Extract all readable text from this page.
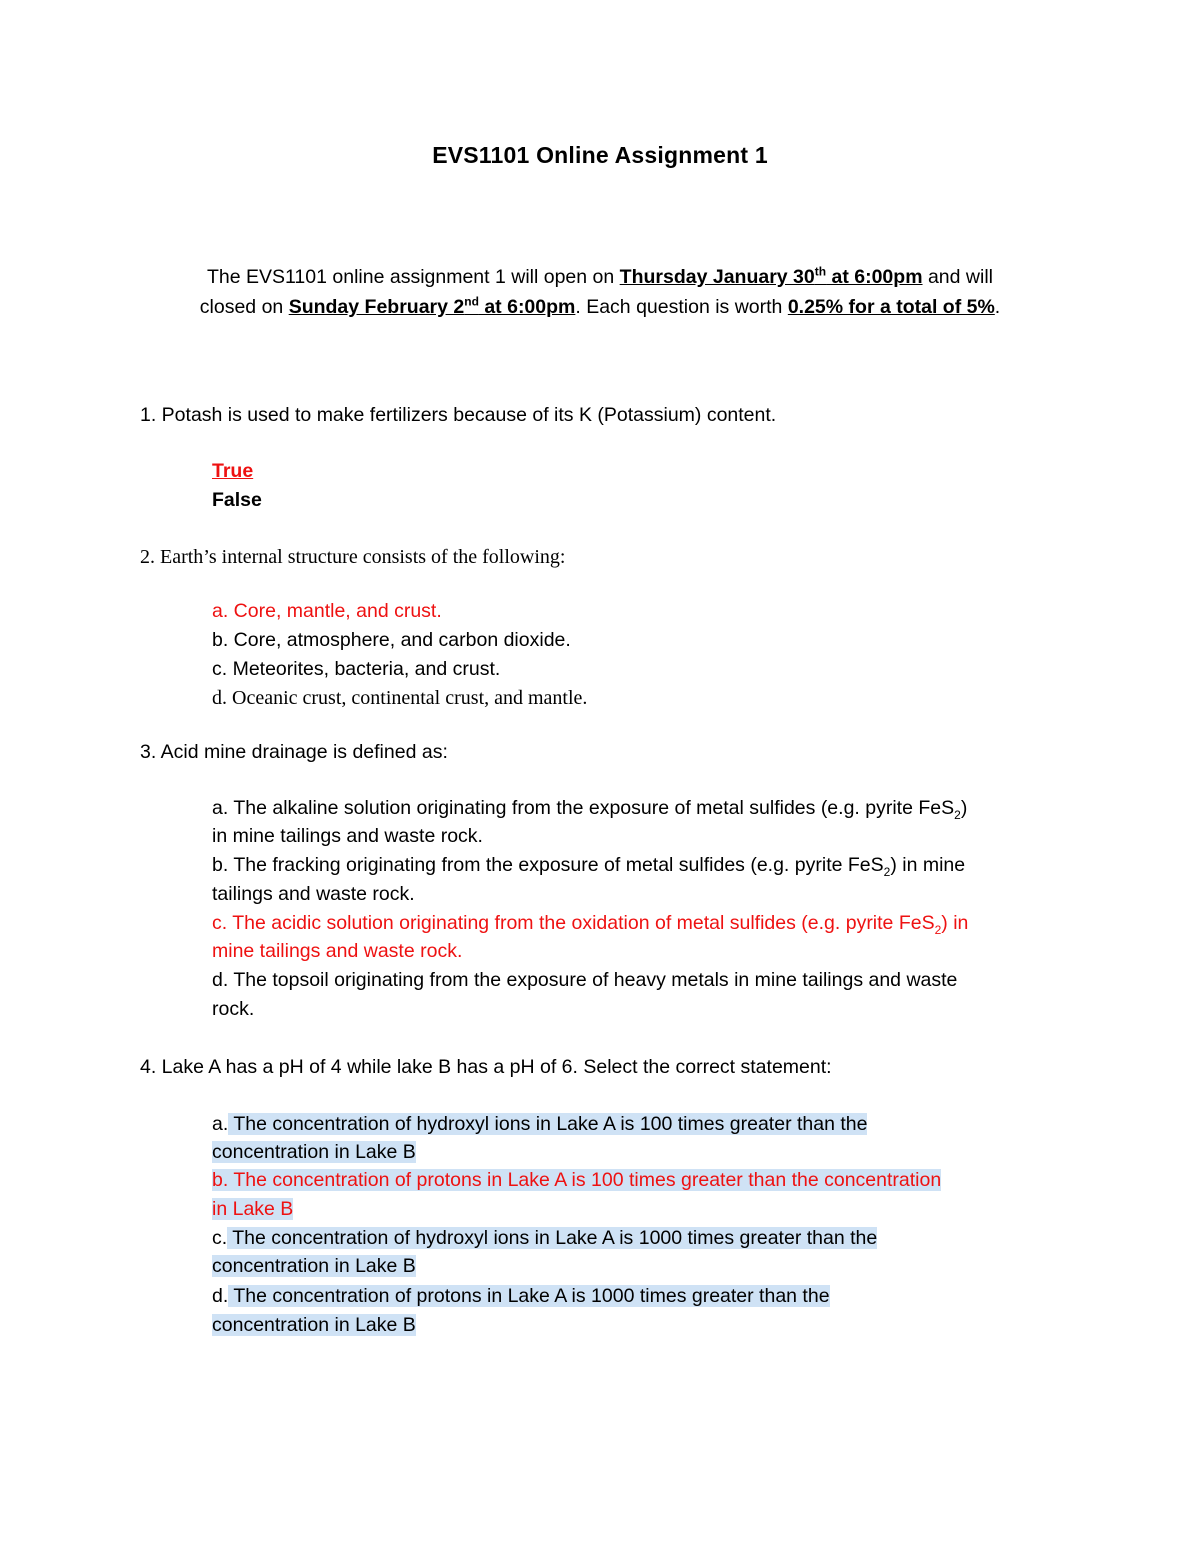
EVS1101 Online Assignment 1
The EVS1101 online assignment 1 will open on Thursday January 30th at 6:00pm and will
closed on Sunday February 2nd at 6:00pm. Each question is worth 0.25% for a total of 5%.
1. Potash is used to make fertilizers because of its K (Potassium) content.
True
False
2. Earth’s internal structure consists of the following:
a. Core, mantle, and crust.
b. Core, atmosphere, and carbon dioxide.
c. Meteorites, bacteria, and crust.
d. Oceanic crust, continental crust, and mantle.
3. Acid mine drainage is defined as:
a. The alkaline solution originating from the exposure of metal sulfides (e.g. pyrite FeS$_2$)
in mine tailings and waste rock.
b. The fracking originating from the exposure of metal sulfides (e.g. pyrite FeS$_2$) in mine
tailings and waste rock.
c. The acidic solution originating from the oxidation of metal sulfides (e.g. pyrite FeS$_2$) in
mine tailings and waste rock.
d. The topsoil originating from the exposure of heavy metals in mine tailings and waste
rock.
4. Lake A has a pH of 4 while lake B has a pH of 6. Select the correct statement:
a. The concentration of hydroxyl ions in Lake A is 100 times greater than the
concentration in Lake B
b. The concentration of protons in Lake A is 100 times greater than the concentration
in Lake B
c. The concentration of hydroxyl ions in Lake A is 1000 times greater than the
concentration in Lake B
d. The concentration of protons in Lake A is 1000 times greater than the
concentration in Lake B
